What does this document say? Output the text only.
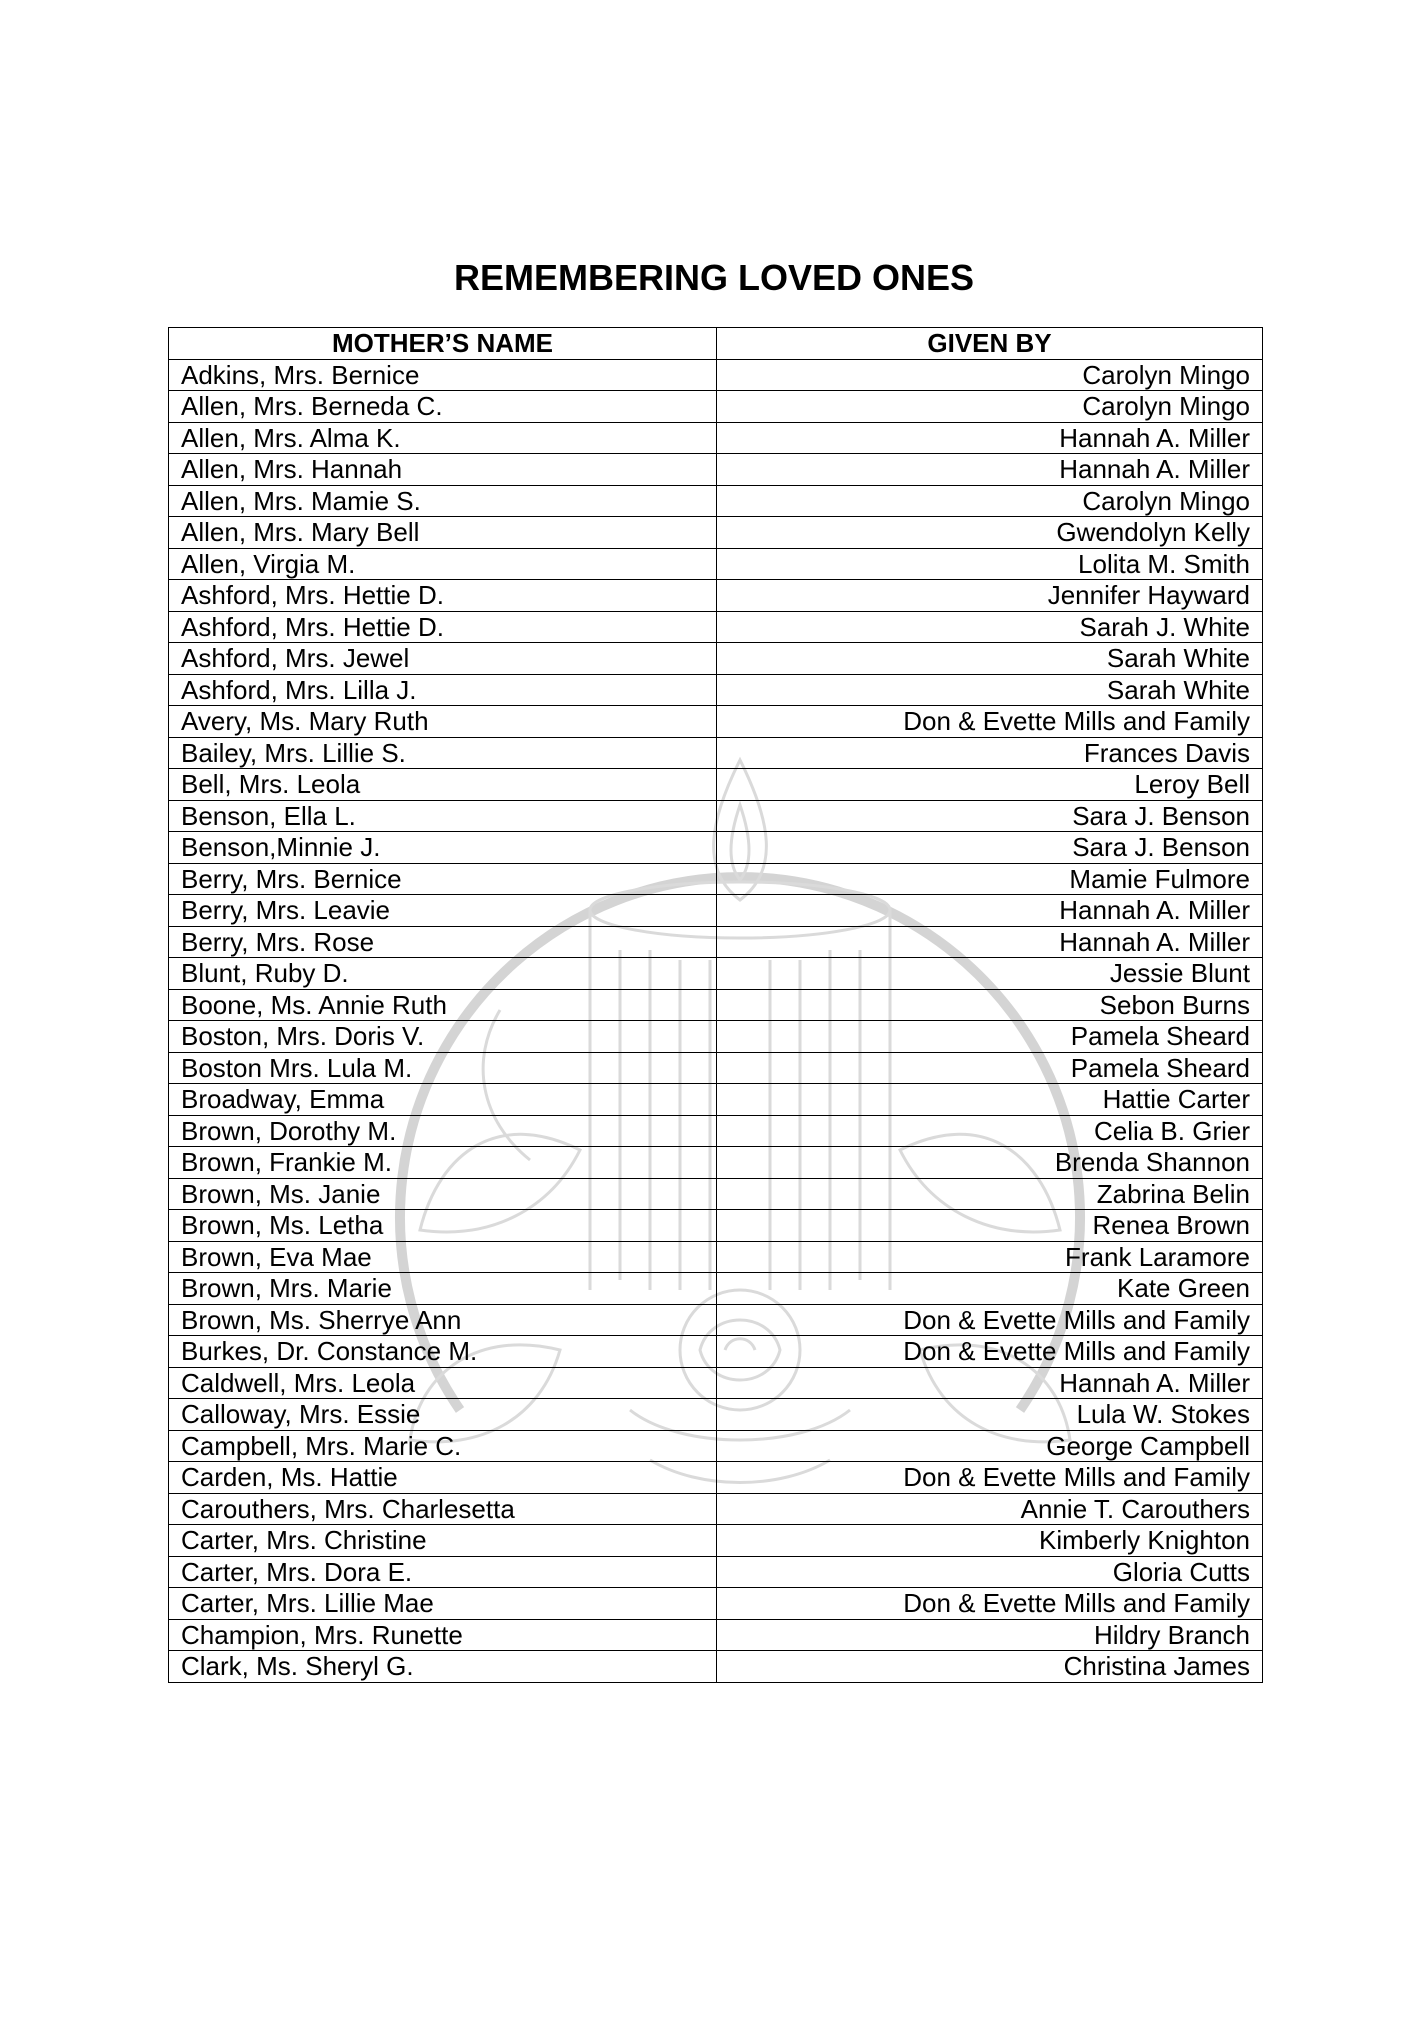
REMEMBERING LOVED ONES
MOTHER’S NAME	GIVEN BY
Adkins, Mrs. Bernice	Carolyn Mingo
Allen, Mrs. Berneda C.	Carolyn Mingo
Allen, Mrs. Alma K.	Hannah A. Miller
Allen, Mrs. Hannah	Hannah A. Miller
Allen, Mrs. Mamie S.	Carolyn Mingo
Allen, Mrs. Mary Bell	Gwendolyn Kelly
Allen, Virgia M.	Lolita M. Smith
Ashford, Mrs. Hettie D.	Jennifer Hayward
Ashford, Mrs. Hettie D.	Sarah J. White
Ashford, Mrs. Jewel	Sarah White
Ashford, Mrs. Lilla J.	Sarah White
Avery, Ms. Mary Ruth	Don & Evette Mills and Family
Bailey, Mrs. Lillie S.	Frances Davis
Bell, Mrs. Leola	Leroy Bell
Benson, Ella L.	Sara J. Benson
Benson,Minnie J.	Sara J. Benson
Berry, Mrs. Bernice	Mamie Fulmore
Berry, Mrs. Leavie	Hannah A. Miller
Berry, Mrs. Rose	Hannah A. Miller
Blunt, Ruby D.	Jessie Blunt
Boone, Ms. Annie Ruth	Sebon Burns
Boston, Mrs. Doris V.	Pamela Sheard
Boston Mrs. Lula M.	Pamela Sheard
Broadway, Emma	Hattie Carter
Brown, Dorothy M.	Celia B. Grier
Brown, Frankie M.	Brenda Shannon
Brown, Ms. Janie	Zabrina Belin
Brown, Ms. Letha	Renea Brown
Brown, Eva Mae	Frank Laramore
Brown, Mrs. Marie	Kate Green
Brown, Ms. Sherrye Ann	Don & Evette Mills and Family
Burkes, Dr. Constance M.	Don & Evette Mills and Family
Caldwell, Mrs. Leola	Hannah A. Miller
Calloway, Mrs. Essie	Lula W. Stokes
Campbell, Mrs. Marie C.	George Campbell
Carden, Ms. Hattie	Don & Evette Mills and Family
Carouthers, Mrs. Charlesetta	Annie T. Carouthers
Carter, Mrs. Christine	Kimberly Knighton
Carter, Mrs. Dora E.	Gloria Cutts
Carter, Mrs. Lillie Mae	Don & Evette Mills and Family
Champion, Mrs. Runette	Hildry Branch
Clark, Ms. Sheryl G.	Christina James
